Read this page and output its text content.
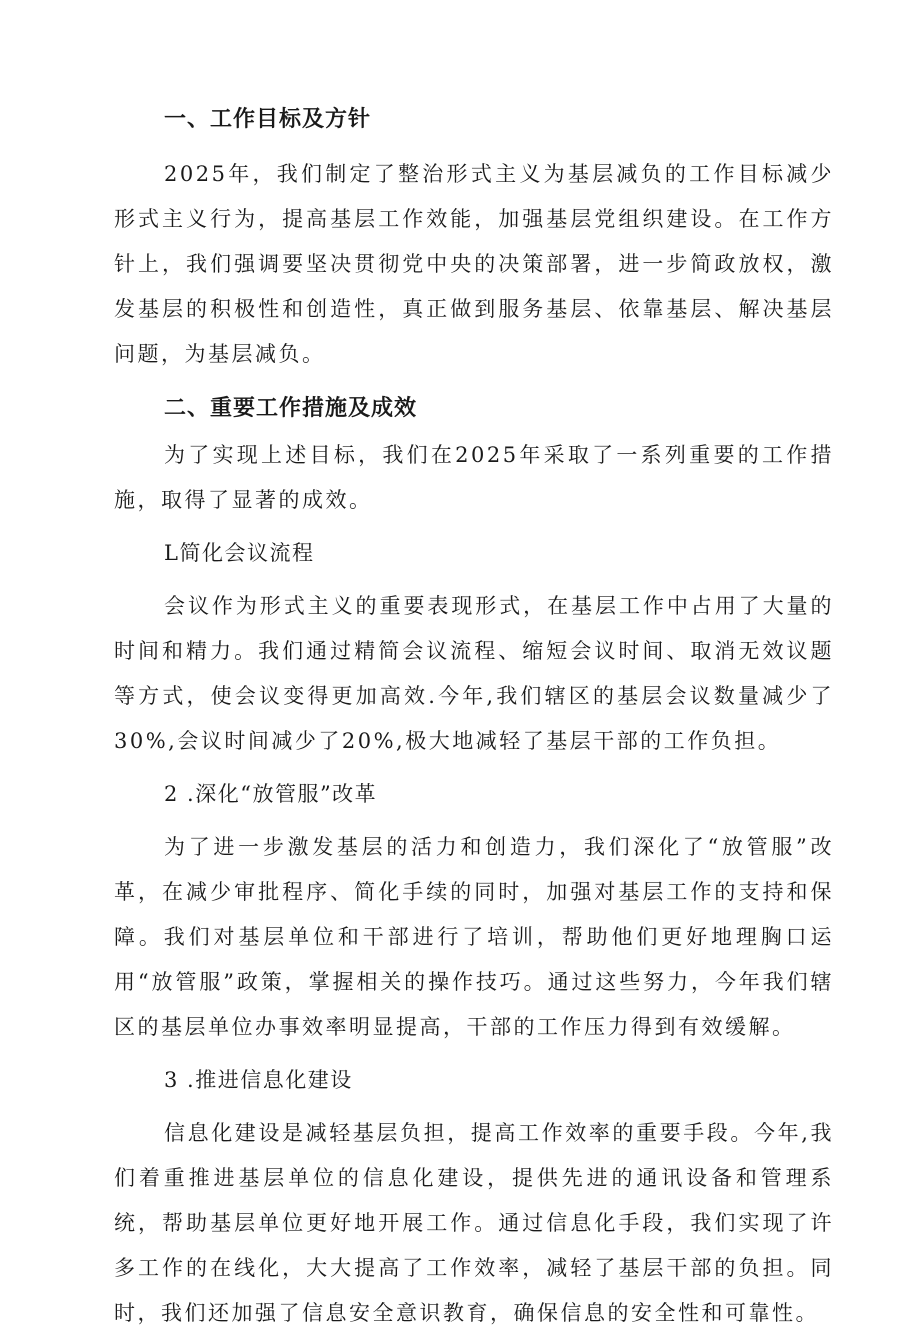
一、工作目标及方针

2025年，我们制定了整治形式主义为基层减负的工作目标减少形式主义行为，提高基层工作效能，加强基层党组织建设。在工作方针上，我们强调要坚决贯彻党中央的决策部署，进一步简政放权，激发基层的积极性和创造性，真正做到服务基层、依靠基层、解决基层问题，为基层减负。

二、重要工作措施及成效

为了实现上述目标，我们在2025年采取了一系列重要的工作措施，取得了显著的成效。

L简化会议流程

会议作为形式主义的重要表现形式，在基层工作中占用了大量的时间和精力。我们通过精简会议流程、缩短会议时间、取消无效议题等方式，使会议变得更加高效.今年,我们辖区的基层会议数量减少了30%,会议时间减少了20%,极大地减轻了基层干部的工作负担。

2 .深化“放管服”改革

为了进一步激发基层的活力和创造力，我们深化了“放管服”改革，在减少审批程序、简化手续的同时，加强对基层工作的支持和保障。我们对基层单位和干部进行了培训，帮助他们更好地理胸口运用“放管服”政策，掌握相关的操作技巧。通过这些努力，今年我们辖区的基层单位办事效率明显提高，干部的工作压力得到有效缓解。

3 .推进信息化建设

信息化建设是减轻基层负担，提高工作效率的重要手段。今年,我们着重推进基层单位的信息化建设，提供先进的通讯设备和管理系统，帮助基层单位更好地开展工作。通过信息化手段，我们实现了许多工作的在线化，大大提高了工作效率，减轻了基层干部的负担。同时，我们还加强了信息安全意识教育，确保信息的安全性和可靠性。
